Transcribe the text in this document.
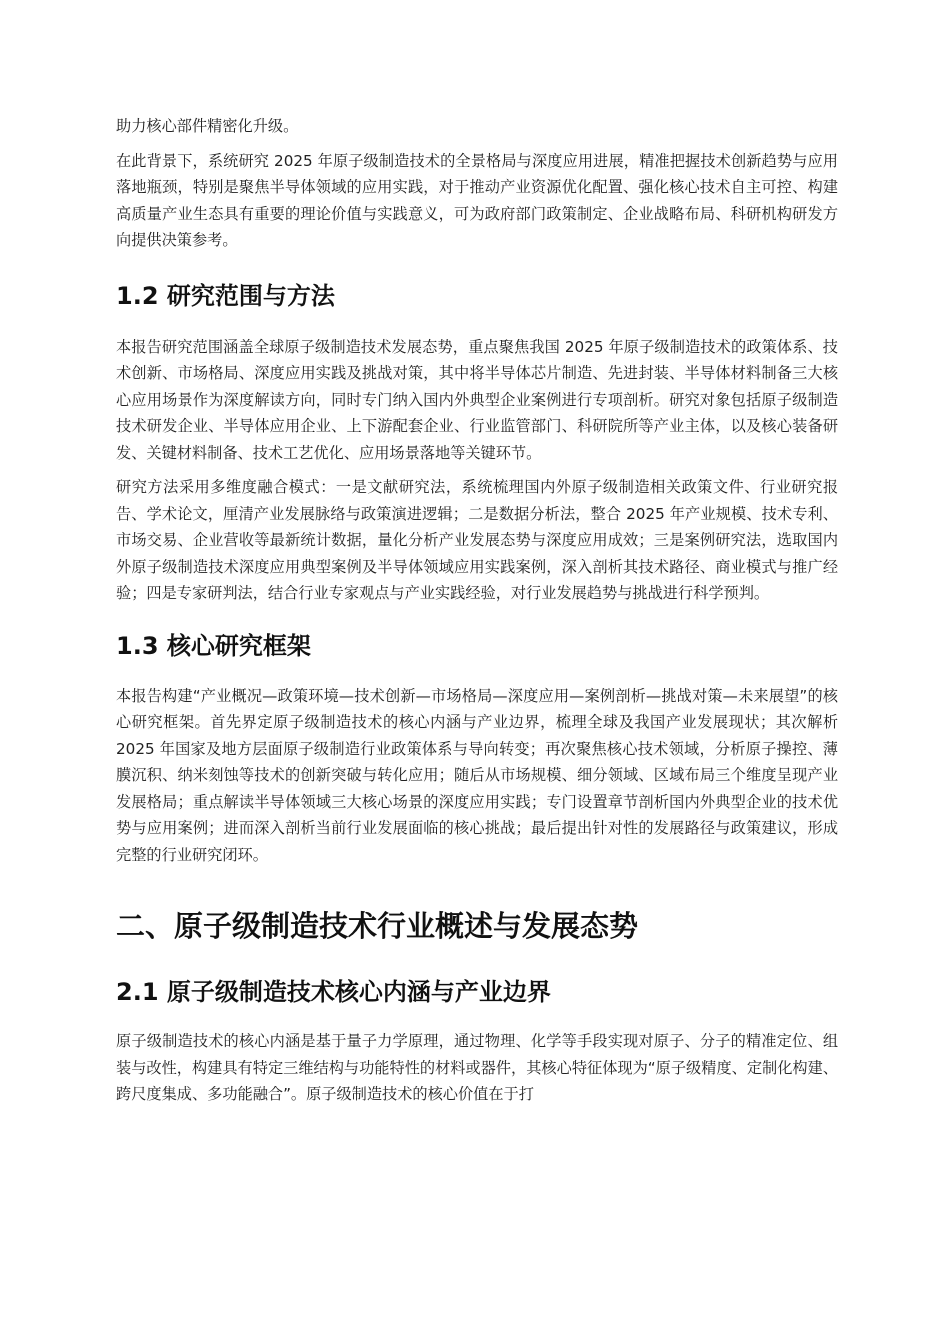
助力核心部件精密化升级。

在此背景下，系统研究 2025 年原子级制造技术的全景格局与深度应用进展，精准把握技术创新趋势与应用落地瓶颈，特别是聚焦半导体领域的应用实践，对于推动产业资源优化配置、强化核心技术自主可控、构建高质量产业生态具有重要的理论价值与实践意义，可为政府部门政策制定、企业战略布局、科研机构研发方向提供决策参考。

1.2 研究范围与方法

本报告研究范围涵盖全球原子级制造技术发展态势，重点聚焦我国 2025 年原子级制造技术的政策体系、技术创新、市场格局、深度应用实践及挑战对策，其中将半导体芯片制造、先进封装、半导体材料制备三大核心应用场景作为深度解读方向，同时专门纳入国内外典型企业案例进行专项剖析。研究对象包括原子级制造技术研发企业、半导体应用企业、上下游配套企业、行业监管部门、科研院所等产业主体，以及核心装备研发、关键材料制备、技术工艺优化、应用场景落地等关键环节。

研究方法采用多维度融合模式：一是文献研究法，系统梳理国内外原子级制造相关政策文件、行业研究报告、学术论文，厘清产业发展脉络与政策演进逻辑；二是数据分析法，整合 2025 年产业规模、技术专利、市场交易、企业营收等最新统计数据，量化分析产业发展态势与深度应用成效；三是案例研究法，选取国内外原子级制造技术深度应用典型案例及半导体领域应用实践案例，深入剖析其技术路径、商业模式与推广经验；四是专家研判法，结合行业专家观点与产业实践经验，对行业发展趋势与挑战进行科学预判。

1.3 核心研究框架

本报告构建“产业概况—政策环境—技术创新—市场格局—深度应用—案例剖析—挑战对策—未来展望”的核心研究框架。首先界定原子级制造技术的核心内涵与产业边界，梳理全球及我国产业发展现状；其次解析 2025 年国家及地方层面原子级制造行业政策体系与导向转变；再次聚焦核心技术领域，分析原子操控、薄膜沉积、纳米刻蚀等技术的创新突破与转化应用；随后从市场规模、细分领域、区域布局三个维度呈现产业发展格局；重点解读半导体领域三大核心场景的深度应用实践；专门设置章节剖析国内外典型企业的技术优势与应用案例；进而深入剖析当前行业发展面临的核心挑战；最后提出针对性的发展路径与政策建议，形成完整的行业研究闭环。

二、原子级制造技术行业概述与发展态势
2.1 原子级制造技术核心内涵与产业边界

原子级制造技术的核心内涵是基于量子力学原理，通过物理、化学等手段实现对原子、分子的精准定位、组装与改性，构建具有特定三维结构与功能特性的材料或器件，其核心特征体现为“原子级精度、定制化构建、跨尺度集成、多功能融合”。原子级制造技术的核心价值在于打
